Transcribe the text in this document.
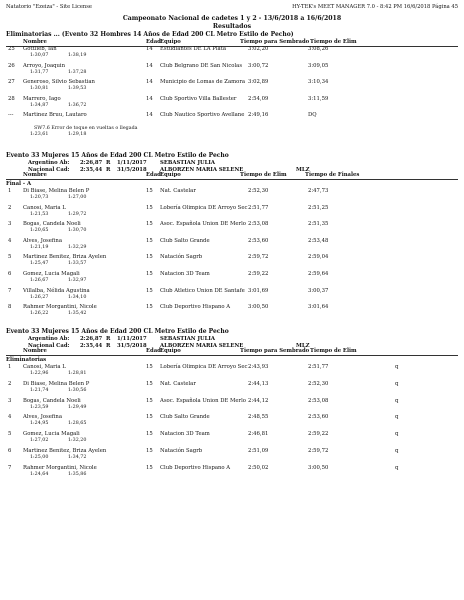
Natatorio "Ezeiza" - Site License	HY-TEK's MEET MANAGER 7.0 - 8:42 PM 16/6/2018 Página 45
Campeonato Nacional de cadetes 1 y 2 - 13/6/2018 a 16/6/2018
Resultados
Eliminatorias ... (Evento 32 Hombres 14 Años de Edad 200 CL Metro Estilo de Pecho)
Nombre	Edad Equipo	Tiempo para Sembrado Tiempo de Elim
25 Gottlieb, Ian	14 Estudiantes DE LA Plata	3:02,20	3:08,26
1:30,07	1:38,19
26 Arroyo, Joaquin	14 Club Belgrano DE San Nicolas 3:00,72	3:09,05
1:31,77	1:37,28
27 Generoso, Silvio Sebastian	14 Municipio de Lomas de Zamora 3:02,89	3:10,34
1:30,81	1:39,53
28 Marrero, Iago	14 Club Sportivo Villa Ballester 2:54,09	3:11,59
1:34,87	1:36,72
--- Martinez Bruu, Lautaro	14 Club Nautico Sportivo Avellane 2:49,16	DQ
1:23,61	1:29,18
SW7.6 Error de toque en vueltas o llegada
Evento 33 Mujeres 15 Años de Edad 200 CL Metro Estilo de Pecho
Argentino Ab: 2:26,87 R 1/11/2017	SEBASTIAN JULIA
Nacional Cad: 2:35,44 R 31/5/2018	ALBORZEN MARIA SELENE	MLZ
Nombre	Edad Equipo	Tiempo de Elim	Tiempo de Finales
Final - A
1 Di Biase, Melina Belen P	15 Nat. Castelar	2:52,30	2:47,73
1:20,73	1:27,00
2 Canosi, Maria L	15 Lobería Olimpica DE Arroyo Sec 2:51,77	2:51,25
1:21,53	1:29,72
3 Bogas, Candela Noeli	15 Asoc. Española Union DE Merlo 2:53,08	2:51,35
1:20,65	1:30,70
4 Alves, Josefina	15 Club Salto Grande	2:53,60	2:53,48
1:21,19	1:32,29
5 Martinez Benitez, Briza Ayelen	15 Natación Sagrb	2:59,72	2:59,04
1:25,47	1:33,57
6 Gomez, Lucia Magali	15 Natacion 3D Team	2:59,22	2:59,64
1:26,67	1:32,97
7 Villalba, Nélida Agustina	15 Club Atletico Union DE Santafe 3:01,69	3:00,37
1:26,27	1:34,10
8 Rahmer Morgantini, Nicole	15 Club Deportivo Hispano A	3:00,50	3:01,64
1:26,22	1:35,42
Evento 33 Mujeres 15 Años de Edad 200 CL Metro Estilo de Pecho
Argentino Ab: 2:26,87 R 1/11/2017	SEBASTIAN JULIA
Nacional Cad: 2:35,44 R 31/5/2018	ALBORZEN MARIA SELENE	MLZ
Nombre	Edad Equipo	Tiempo para Sembrado Tiempo de Elim
Eliminatorias
1 Canosi, Maria L	15 Lobería Olimpica DE Arroyo Sec 2:43,93	2:51,77	q
1:22,96	1:28,81
2 Di Biase, Melina Belen P	15 Nat. Castelar	2:44,13	2:52,30	q
1:21,74	1:30,56
3 Bogas, Candela Noeli	15 Asoc. Española Union DE Merlo 2:44,12	2:53,08	q
1:23,59	1:29,49
4 Alves, Josefina	15 Club Salto Grande	2:48,55	2:53,60	q
1:24,95	1:28,65
5 Gomez, Lucia Magali	15 Natacion 3D Team	2:46,81	2:59,22	q
1:27,02	1:32,20
6 Martinez Benitez, Briza Ayelen	15 Natación Sagrb	2:51,09	2:59,72	q
1:25,00	1:34,72
7 Rahmer Morgantini, Nicole	15 Club Deportivo Hispano A	2:50,02	3:00,50	q
1:24,64	1:35,86
